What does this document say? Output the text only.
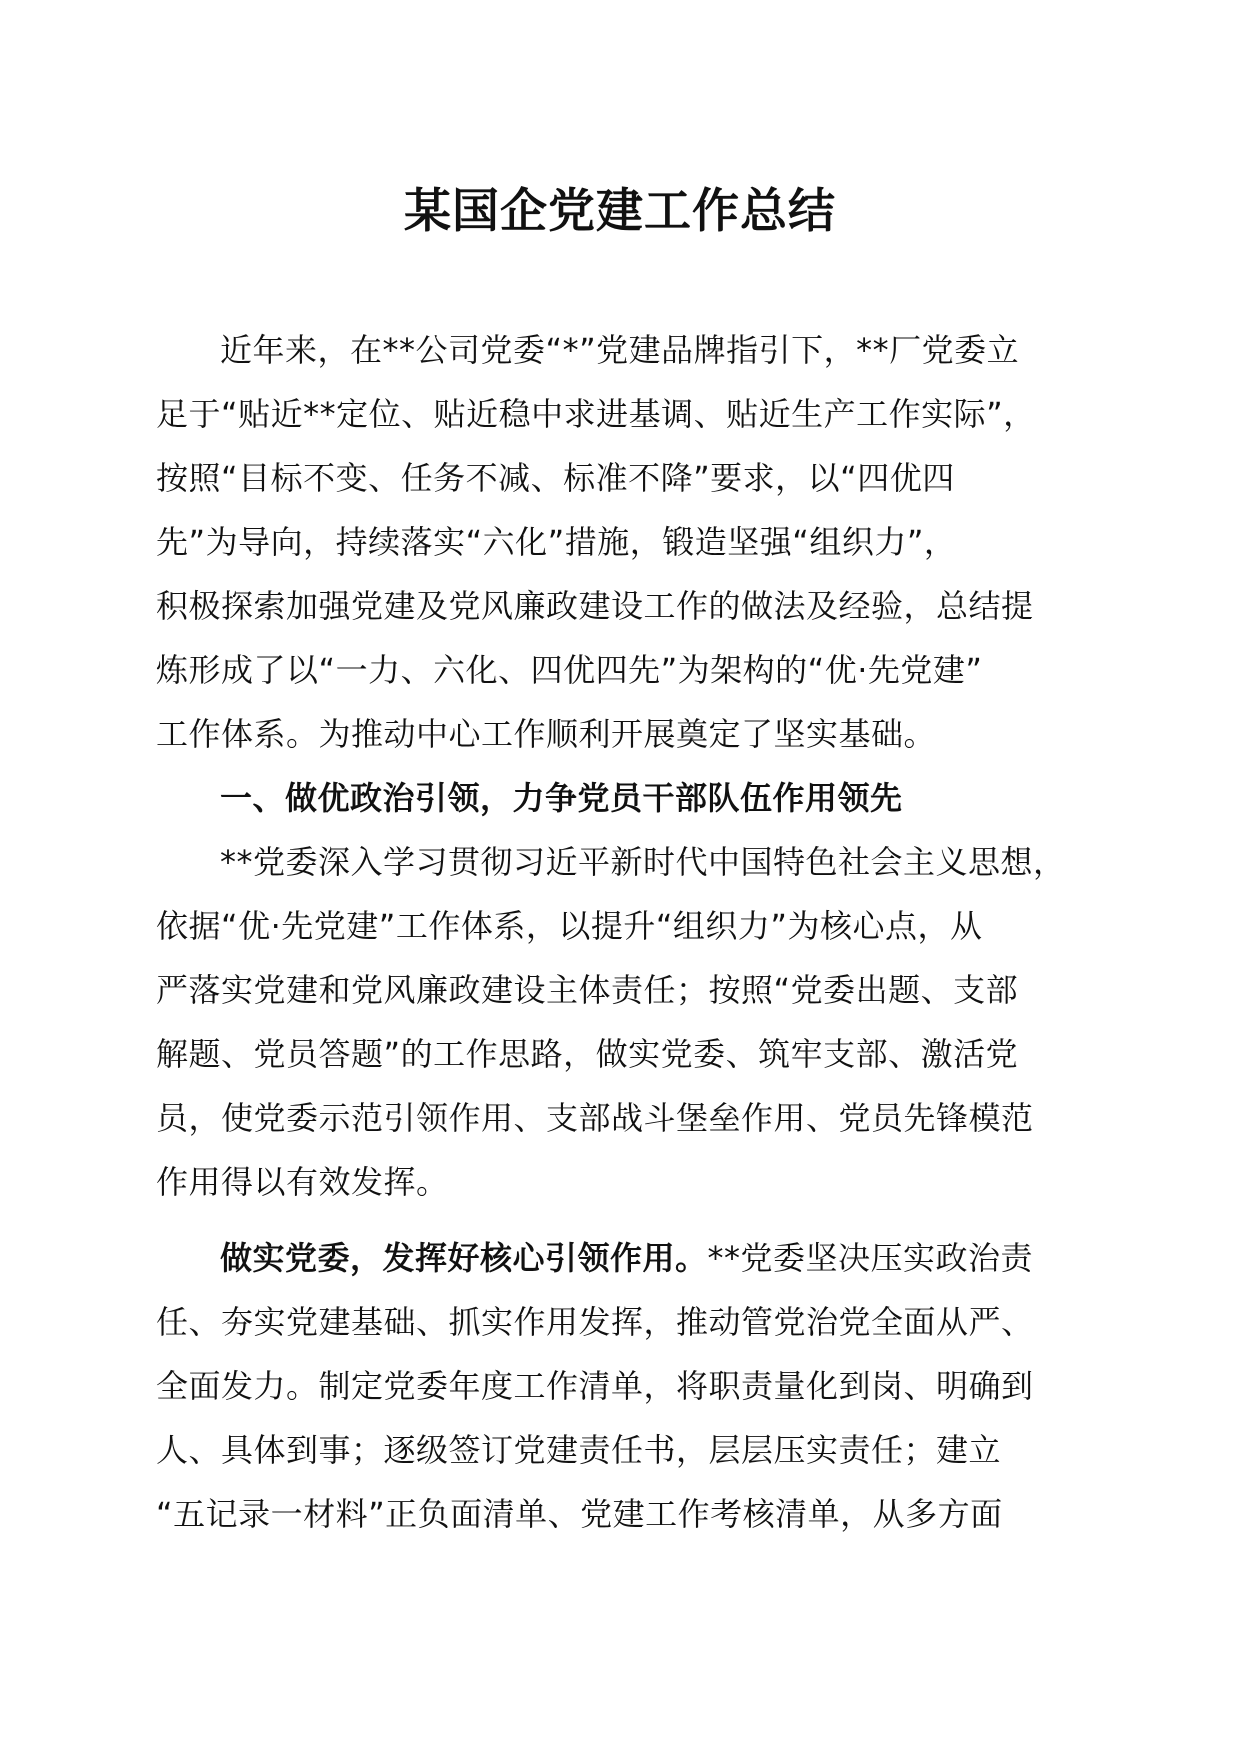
某国企党建工作总结
近年来，在**公司党委“*”党建品牌指引下，**厂党委立
足于“贴近**定位、贴近稳中求进基调、贴近生产工作实际”，
按照“目标不变、任务不减、标准不降”要求，以“四优四
先”为导向，持续落实“六化”措施，锻造坚强“组织力”，
积极探索加强党建及党风廉政建设工作的做法及经验，总结提
炼形成了以“一力、六化、四优四先”为架构的“优·先党建”
工作体系。为推动中心工作顺利开展奠定了坚实基础。
一、做优政治引领，力争党员干部队伍作用领先
**党委深入学习贯彻习近平新时代中国特色社会主义思想，
依据“优·先党建”工作体系，以提升“组织力”为核心点，从
严落实党建和党风廉政建设主体责任；按照“党委出题、支部
解题、党员答题”的工作思路，做实党委、筑牢支部、激活党
员，使党委示范引领作用、支部战斗堡垒作用、党员先锋模范
作用得以有效发挥。
做实党委，发挥好核心引领作用。**党委坚决压实政治责
任、夯实党建基础、抓实作用发挥，推动管党治党全面从严、
全面发力。制定党委年度工作清单，将职责量化到岗、明确到
人、具体到事；逐级签订党建责任书，层层压实责任；建立
“五记录一材料”正负面清单、党建工作考核清单，从多方面
